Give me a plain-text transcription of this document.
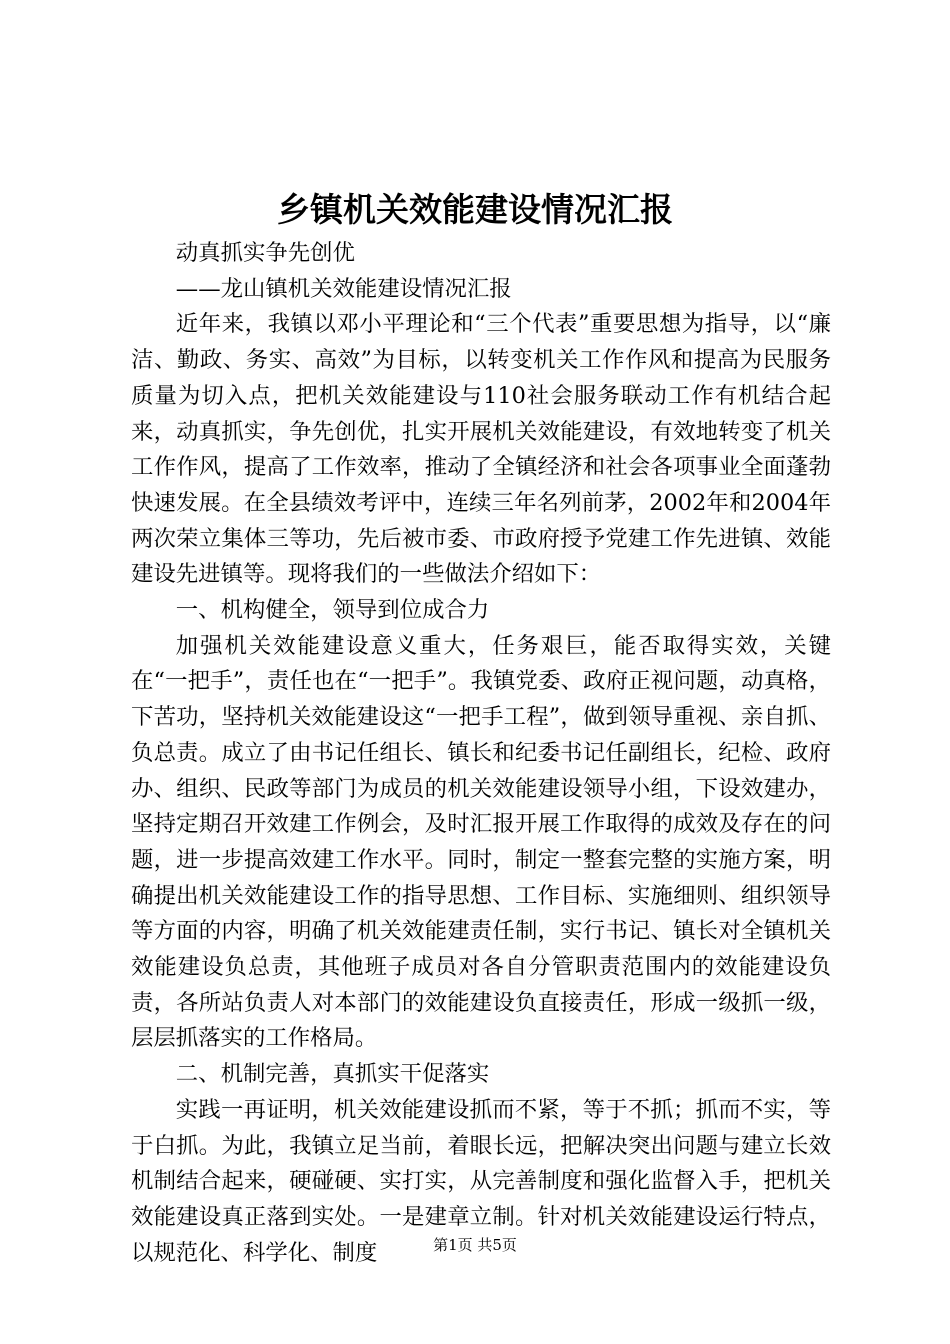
乡镇机关效能建设情况汇报

动真抓实争先创优

——龙山镇机关效能建设情况汇报

近年来，我镇以邓小平理论和“三个代表”重要思想为指导，以“廉洁、勤政、务实、高效”为目标，以转变机关工作作风和提高为民服务质量为切入点，把机关效能建设与110社会服务联动工作有机结合起来，动真抓实，争先创优，扎实开展机关效能建设，有效地转变了机关工作作风，提高了工作效率，推动了全镇经济和社会各项事业全面蓬勃快速发展。在全县绩效考评中，连续三年名列前茅，2002年和2004年两次荣立集体三等功，先后被市委、市政府授予党建工作先进镇、效能建设先进镇等。现将我们的一些做法介绍如下：

一、机构健全，领导到位成合力

加强机关效能建设意义重大，任务艰巨，能否取得实效，关键在“一把手”，责任也在“一把手”。我镇党委、政府正视问题，动真格，下苦功，坚持机关效能建设这“一把手工程”，做到领导重视、亲自抓、负总责。成立了由书记任组长、镇长和纪委书记任副组长，纪检、政府办、组织、民政等部门为成员的机关效能建设领导小组，下设效建办，坚持定期召开效建工作例会，及时汇报开展工作取得的成效及存在的问题，进一步提高效建工作水平。同时，制定一整套完整的实施方案，明确提出机关效能建设工作的指导思想、工作目标、实施细则、组织领导等方面的内容，明确了机关效能建责任制，实行书记、镇长对全镇机关效能建设负总责，其他班子成员对各自分管职责范围内的效能建设负责，各所站负责人对本部门的效能建设负直接责任，形成一级抓一级，层层抓落实的工作格局。

二、机制完善，真抓实干促落实

实践一再证明，机关效能建设抓而不紧，等于不抓；抓而不实，等于白抓。为此，我镇立足当前，着眼长远，把解决突出问题与建立长效机制结合起来，硬碰硬、实打实，从完善制度和强化监督入手，把机关效能建设真正落到实处。一是建章立制。针对机关效能建设运行特点，以规范化、科学化、制度	第1页 共5页
